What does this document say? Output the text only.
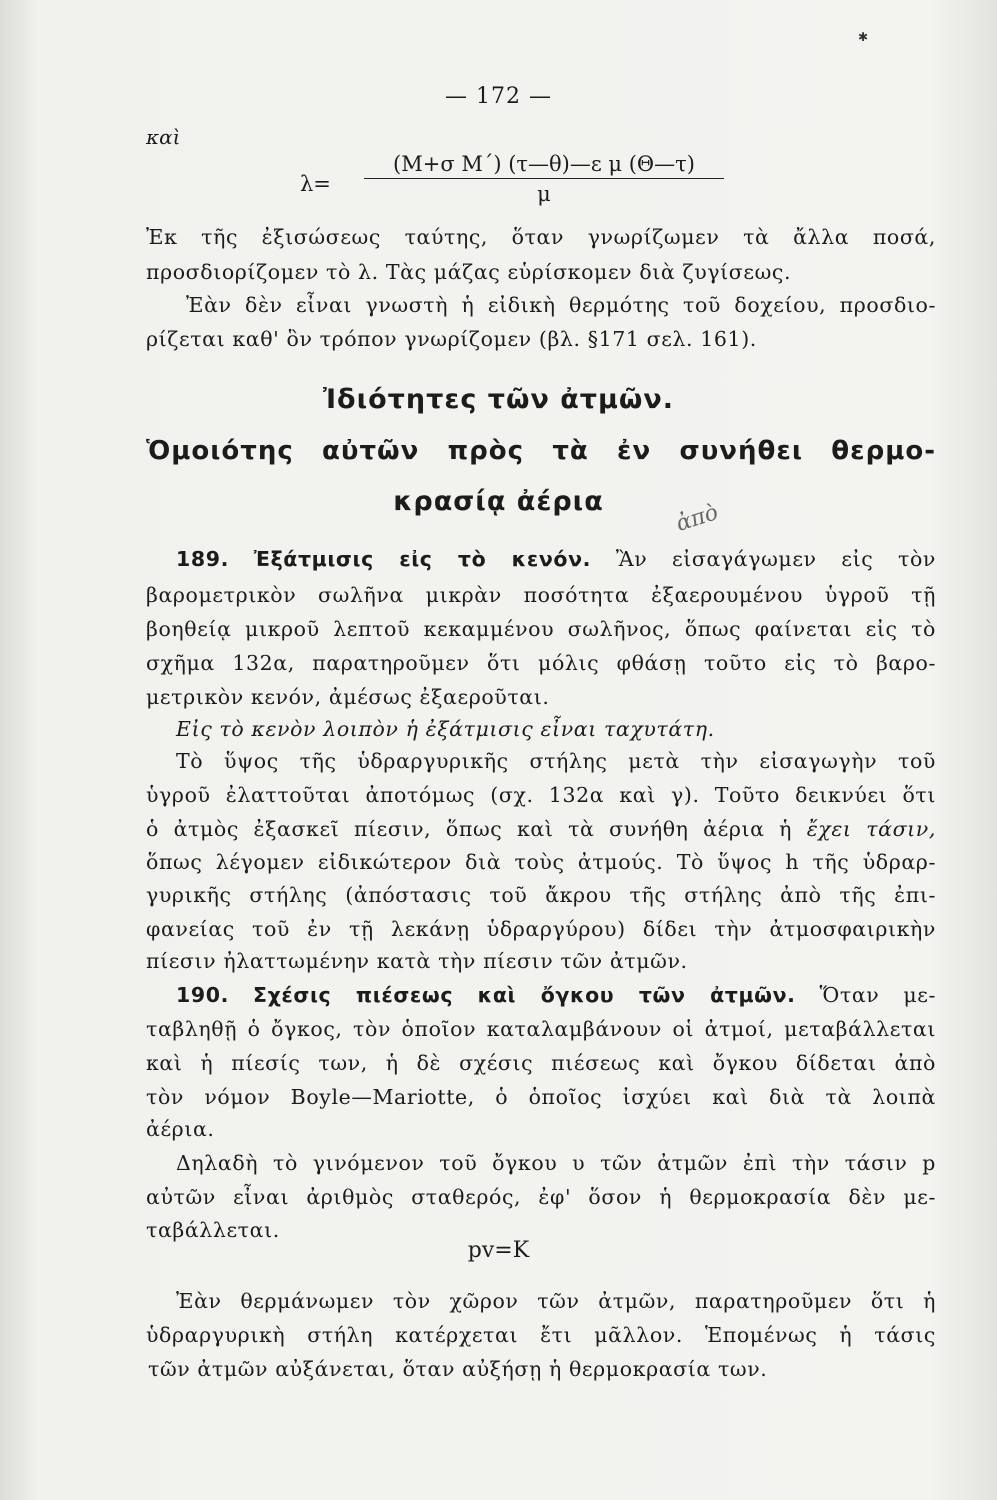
✱
— 172 —
καὶ
$\lambda= \frac{\text{(Μ+σ Μ΄) (τ—θ)—ε μ (Θ—τ)}}{\mu}$
Ἐκ τῆς ἐξισώσεως ταύτης, ὅταν γνωρίζωμεν τὰ ἄλλα ποσά,
προσδιορίζομεν τὸ λ. Τὰς μάζας εὑρίσκομεν διὰ ζυγίσεως.
Ἐὰν δὲν εἶναι γνωστὴ ἡ εἰδικὴ θερμότης τοῦ δοχείου, προσδιο-
ρίζεται καθ' ὃν τρόπον γνωρίζομεν (βλ. §171 σελ. 161).
Ἰδιότητες τῶν ἀτμῶν.
Ὁμοιότης αὐτῶν πρὸς τὰ ἐν συνήθει θερμο-
κρασίᾳ ἀέρια	ἀπὸ
189. Ἐξάτμισις εἰς τὸ κενόν. Ἂν εἰσαγάγωμεν εἰς τὸν
βαρομετρικὸν σωλῆνα μικρὰν ποσότητα ἐξαερουμένου ὑγροῦ τῇ
βοηθείᾳ μικροῦ λεπτοῦ κεκαμμένου σωλῆνος, ὅπως φαίνεται εἰς τὸ
σχῆμα 132α, παρατηροῦμεν ὅτι μόλις φθάσῃ τοῦτο εἰς τὸ βαρο-
μετρικὸν κενόν, ἀμέσως ἐξαεροῦται.
Εἰς τὸ κενὸν λοιπὸν ἡ ἐξάτμισις εἶναι ταχυτάτη.
Τὸ ὕψος τῆς ὑδραργυρικῆς στήλης μετὰ τὴν εἰσαγωγὴν τοῦ
ὑγροῦ ἐλαττοῦται ἀποτόμως (σχ. 132α καὶ γ). Τοῦτο δεικνύει ὅτι
ὁ ἀτμὸς ἐξασκεῖ πίεσιν, ὅπως καὶ τὰ συνήθη ἀέρια ἡ ἔχει τάσιν,
ὅπως λέγομεν εἰδικώτερον διὰ τοὺς ἀτμούς. Τὸ ὕψος h τῆς ὑδραρ-
γυρικῆς στήλης (ἀπόστασις τοῦ ἄκρου τῆς στήλης ἀπὸ τῆς ἐπι-
φανείας τοῦ ἐν τῇ λεκάνῃ ὑδραργύρου) δίδει τὴν ἀτμοσφαιρικὴν
πίεσιν ἠλαττωμένην κατὰ τὴν πίεσιν τῶν ἀτμῶν.
190. Σχέσις πιέσεως καὶ ὄγκου τῶν ἀτμῶν. Ὅταν με-
ταβληθῇ ὁ ὄγκος, τὸν ὁποῖον καταλαμβάνουν οἱ ἀτμοί, μεταβάλλεται
καὶ ἡ πίεσίς των, ἡ δὲ σχέσις πιέσεως καὶ ὄγκου δίδεται ἀπὸ
τὸν νόμον Boyle—Mariotte, ὁ ὁποῖος ἰσχύει καὶ διὰ τὰ λοιπὰ
ἀέρια.
Δηλαδὴ τὸ γινόμενον τοῦ ὄγκου υ τῶν ἀτμῶν ἐπὶ τὴν τάσιν p
αὐτῶν εἶναι ἀριθμὸς σταθερός, ἐφ' ὅσον ἡ θερμοκρασία δὲν με-
ταβάλλεται.
pv=K
Ἐὰν θερμάνωμεν τὸν χῶρον τῶν ἀτμῶν, παρατηροῦμεν ὅτι ἡ
ὑδραργυρικὴ στήλη κατέρχεται ἔτι μᾶλλον. Ἑπομένως ἡ τάσις
τῶν ἀτμῶν αὐξάνεται, ὅταν αὐξήσῃ ἡ θερμοκρασία των.
